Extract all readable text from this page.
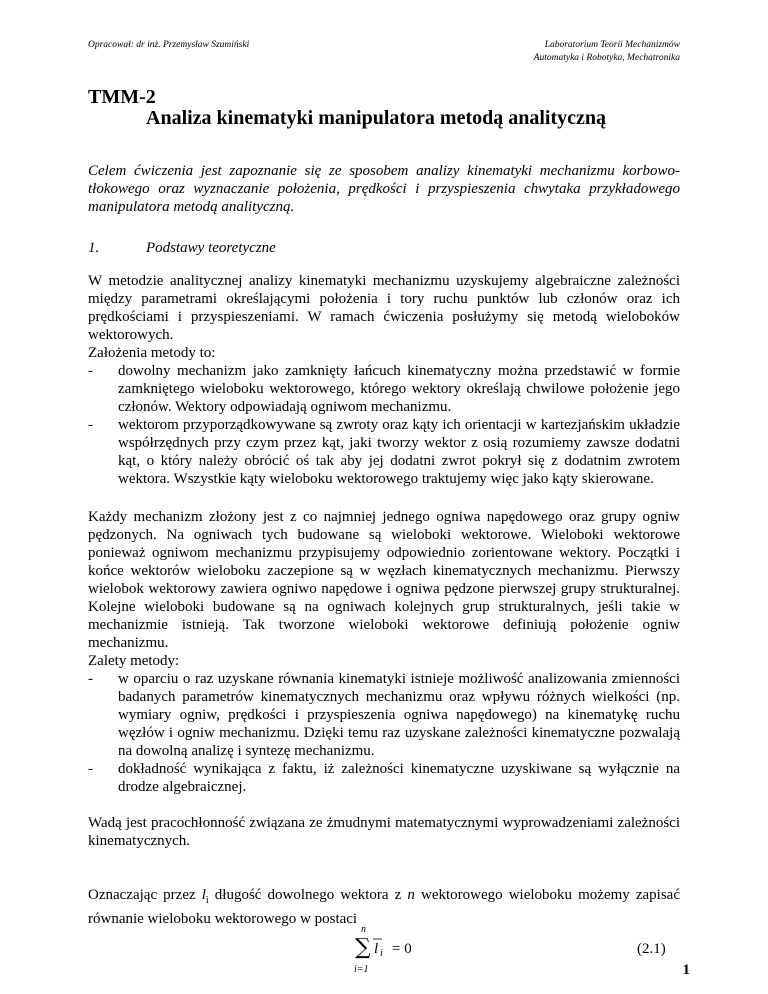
Opracował: dr inż. Przemysław Szumiński	Laboratorium Teorii Mechanizmów
Automatyka i Robotyka, Mechatronika
TMM-2
Analiza kinematyki manipulatora metodą analityczną
Celem ćwiczenia jest zapoznanie się ze sposobem analizy kinematyki mechanizmu korbowo-tłokowego oraz wyznaczanie położenia, prędkości i przyspieszenia chwytaka przykładowego manipulatora metodą analityczną.
1.	Podstawy teoretyczne
W metodzie analitycznej analizy kinematyki mechanizmu uzyskujemy algebraiczne zależności między parametrami określającymi położenia i tory ruchu punktów lub członów oraz ich prędkościami i przyspieszeniami. W ramach ćwiczenia posłużymy się metodą wieloboków wektorowych.
Założenia metody to:
- dowolny mechanizm jako zamknięty łańcuch kinematyczny można przedstawić w formie zamkniętego wieloboku wektorowego, którego wektory określają chwilowe położenie jego członów. Wektory odpowiadają ogniwom mechanizmu.
- wektorom przyporządkowywane są zwroty oraz kąty ich orientacji w kartezjańskim układzie współrzędnych przy czym przez kąt, jaki tworzy wektor z osią rozumiemy zawsze dodatni kąt, o który należy obrócić oś tak aby jej dodatni zwrot pokrył się z dodatnim zwrotem wektora. Wszystkie kąty wieloboku wektorowego traktujemy więc jako kąty skierowane.
Każdy mechanizm złożony jest z co najmniej jednego ogniwa napędowego oraz grupy ogniw pędzonych. Na ogniwach tych budowane są wieloboki wektorowe. Wieloboki wektorowe ponieważ ogniwom mechanizmu przypisujemy odpowiednio zorientowane wektory. Początki i końce wektorów wieloboku zaczepione są w węzłach kinematycznych mechanizmu. Pierwszy wielobok wektorowy zawiera ogniwo napędowe i ogniwa pędzone pierwszej grupy strukturalnej. Kolejne wieloboki budowane są na ogniwach kolejnych grup strukturalnych, jeśli takie w mechanizmie istnieją. Tak tworzone wieloboki wektorowe definiują położenie ogniw mechanizmu.
Zalety metody:
- w oparciu o raz uzyskane równania kinematyki istnieje możliwość analizowania zmienności badanych parametrów kinematycznych mechanizmu oraz wpływu różnych wielkości (np. wymiary ogniw, prędkości i przyspieszenia ogniwa napędowego) na kinematykę ruchu węzłów i ogniw mechanizmu. Dzięki temu raz uzyskane zależności kinematyczne pozwalają na dowolną analizę i syntezę mechanizmu.
- dokładność wynikająca z faktu, iż zależności kinematyczne uzyskiwane są wyłącznie na drodze algebraicznej.
Wadą jest pracochłonność związana ze żmudnymi matematycznymi wyprowadzeniami zależności kinematycznych.
Oznaczając przez $l_i$ długość dowolnego wektora z n wektorowego wieloboku możemy zapisać równanie wieloboku wektorowego w postaci
n
∑ l i = 0
i=1
(2.1)
1
